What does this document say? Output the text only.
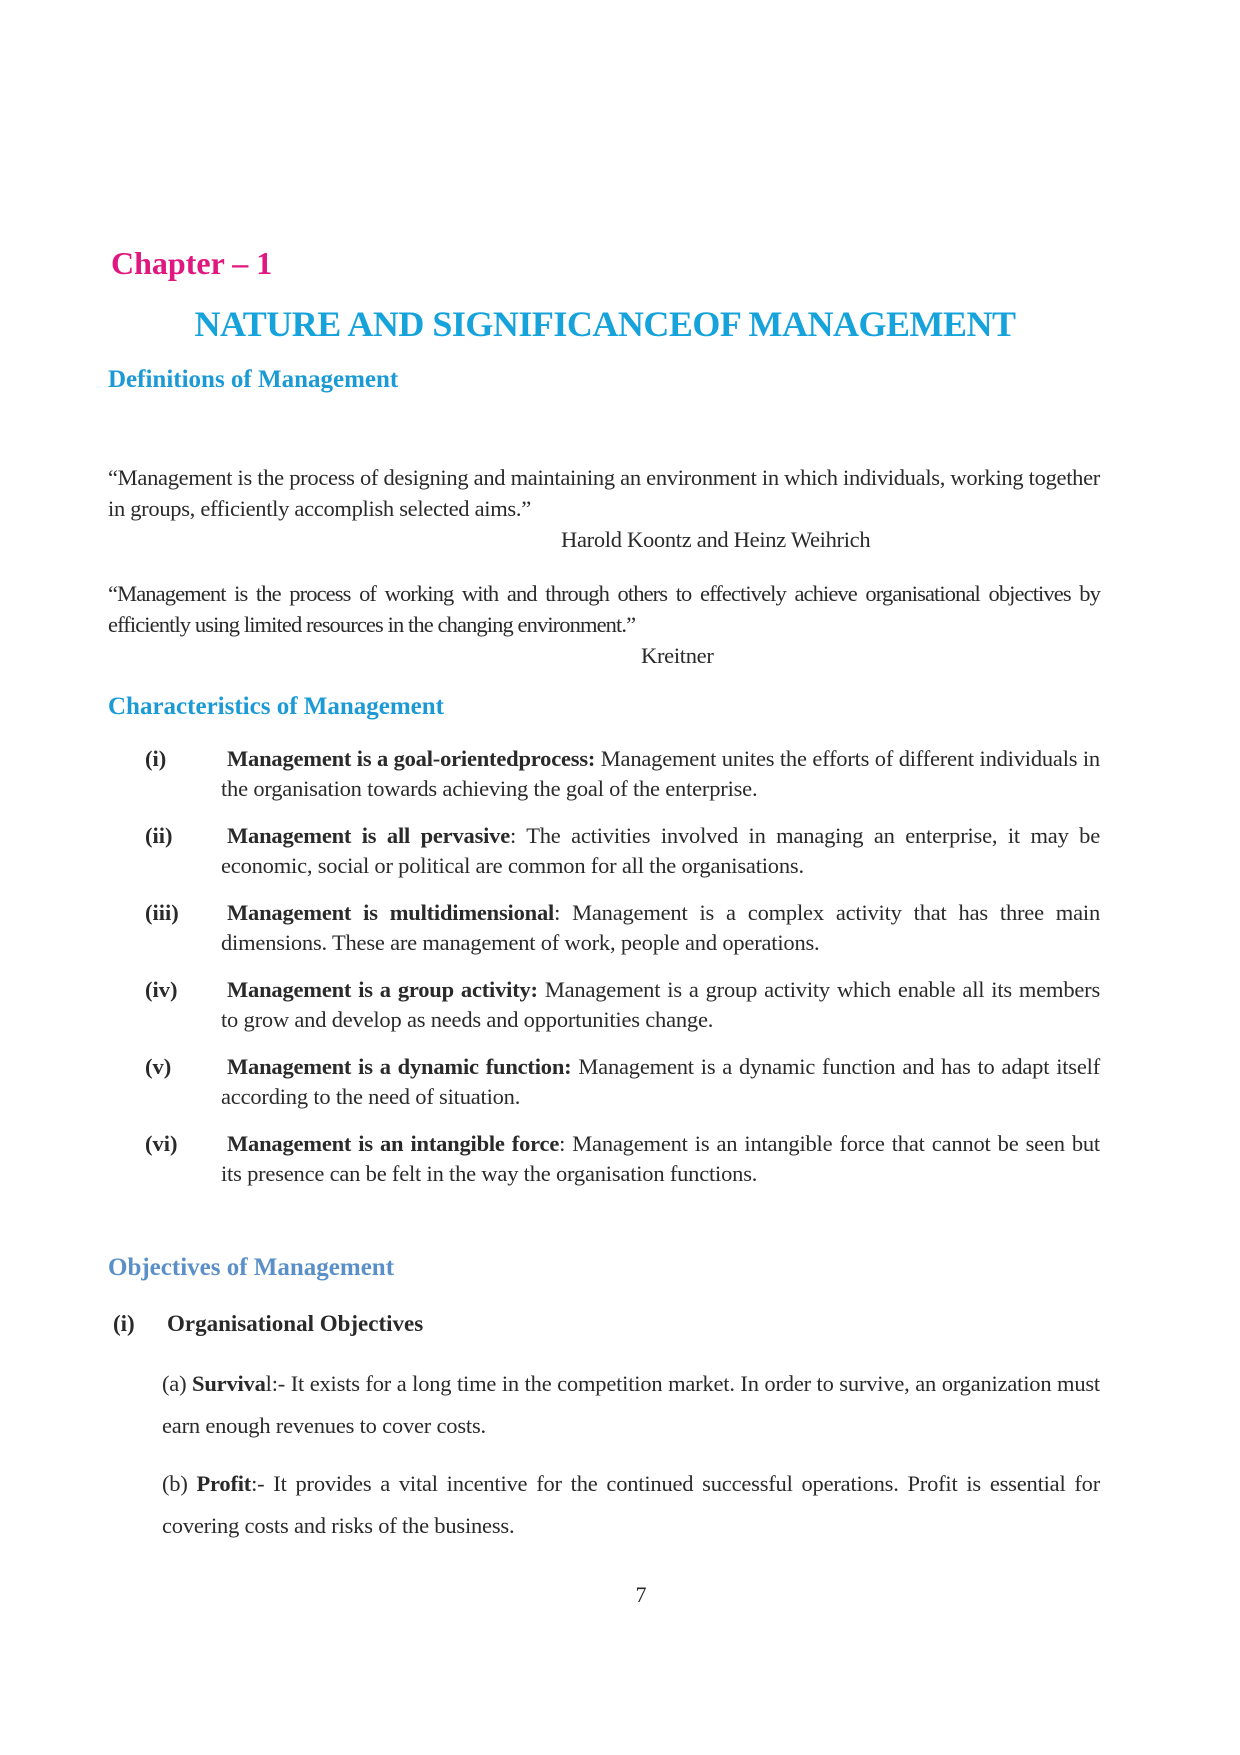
Chapter – 1
NATURE AND SIGNIFICANCEOF MANAGEMENT
Definitions of Management

“Management is the process of designing and maintaining an environment in which individuals, working together in groups, efficiently accomplish selected aims.”

Harold Koontz and Heinz Weihrich

“Management is the process of working with and through others to effectively achieve organisational objectives by efficiently using limited resources in the changing environment.”

Kreitner

Characteristics of Management
(i)	Management is a goal-orientedprocess: Management unites the efforts of different individuals in the organisation towards achieving the goal of the enterprise.
(ii) Management is all pervasive: The activities involved in managing an enterprise, it may be economic, social or political are common for all the organisations.
(iii) Management is multidimensional: Management is a complex activity that has three main dimensions. These are management of work, people and operations.
(iv) Management is a group activity: Management is a group activity which enable all its members to grow and develop as needs and opportunities change.
(v) Management is a dynamic function: Management is a dynamic function and has to adapt itself according to the need of situation.
(vi) Management is an intangible force: Management is an intangible force that cannot be seen but its presence can be felt in the way the organisation functions.
Objectives of Management

(i) Organisational Objectives

(a) Survival:- It exists for a long time in the competition market. In order to survive, an organization must earn enough revenues to cover costs.

(b) Profit:- It provides a vital incentive for the continued successful operations. Profit is essential for covering costs and risks of the business.

7
